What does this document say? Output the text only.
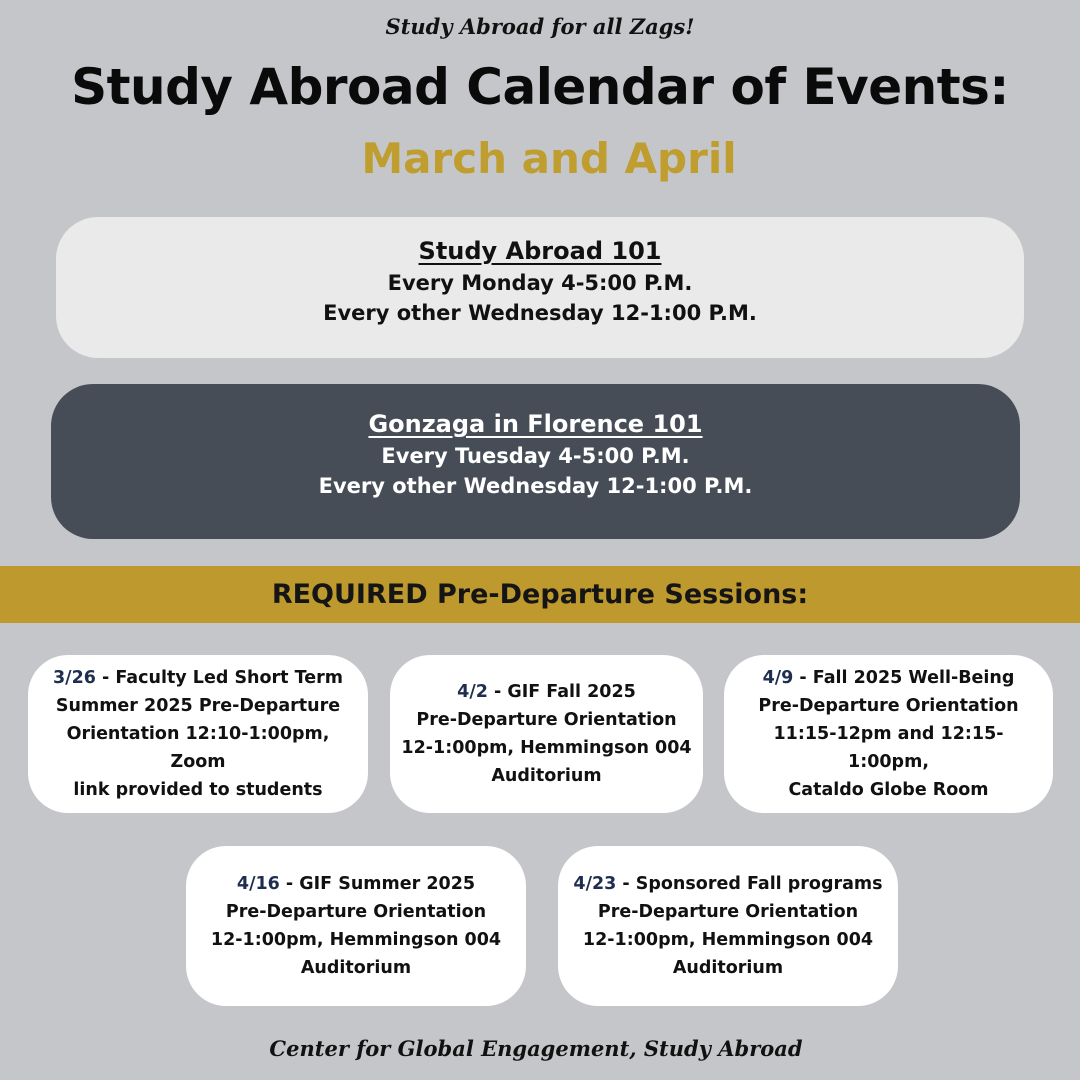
Study Abroad for all Zags!
Study Abroad Calendar of Events:
March and April
Study Abroad 101
Every Monday 4-5:00 P.M.
Every other Wednesday 12-1:00 P.M.
Gonzaga in Florence 101
Every Tuesday 4-5:00 P.M.
Every other Wednesday 12-1:00 P.M.
REQUIRED Pre-Departure Sessions:

3/26 - Faculty Led Short Term

Summer 2025 Pre-Departure

Orientation 12:10-1:00pm, Zoom

link provided to students

4/2 - GIF Fall 2025

Pre-Departure Orientation

12-1:00pm, Hemmingson 004

Auditorium

4/9 - Fall 2025 Well-Being

Pre-Departure Orientation

11:15-12pm and 12:15-1:00pm,

Cataldo Globe Room

4/16 - GIF Summer 2025

Pre-Departure Orientation

12-1:00pm, Hemmingson 004

Auditorium

4/23 - Sponsored Fall programs

Pre-Departure Orientation

12-1:00pm, Hemmingson 004

Auditorium

Center for Global Engagement, Study Abroad
